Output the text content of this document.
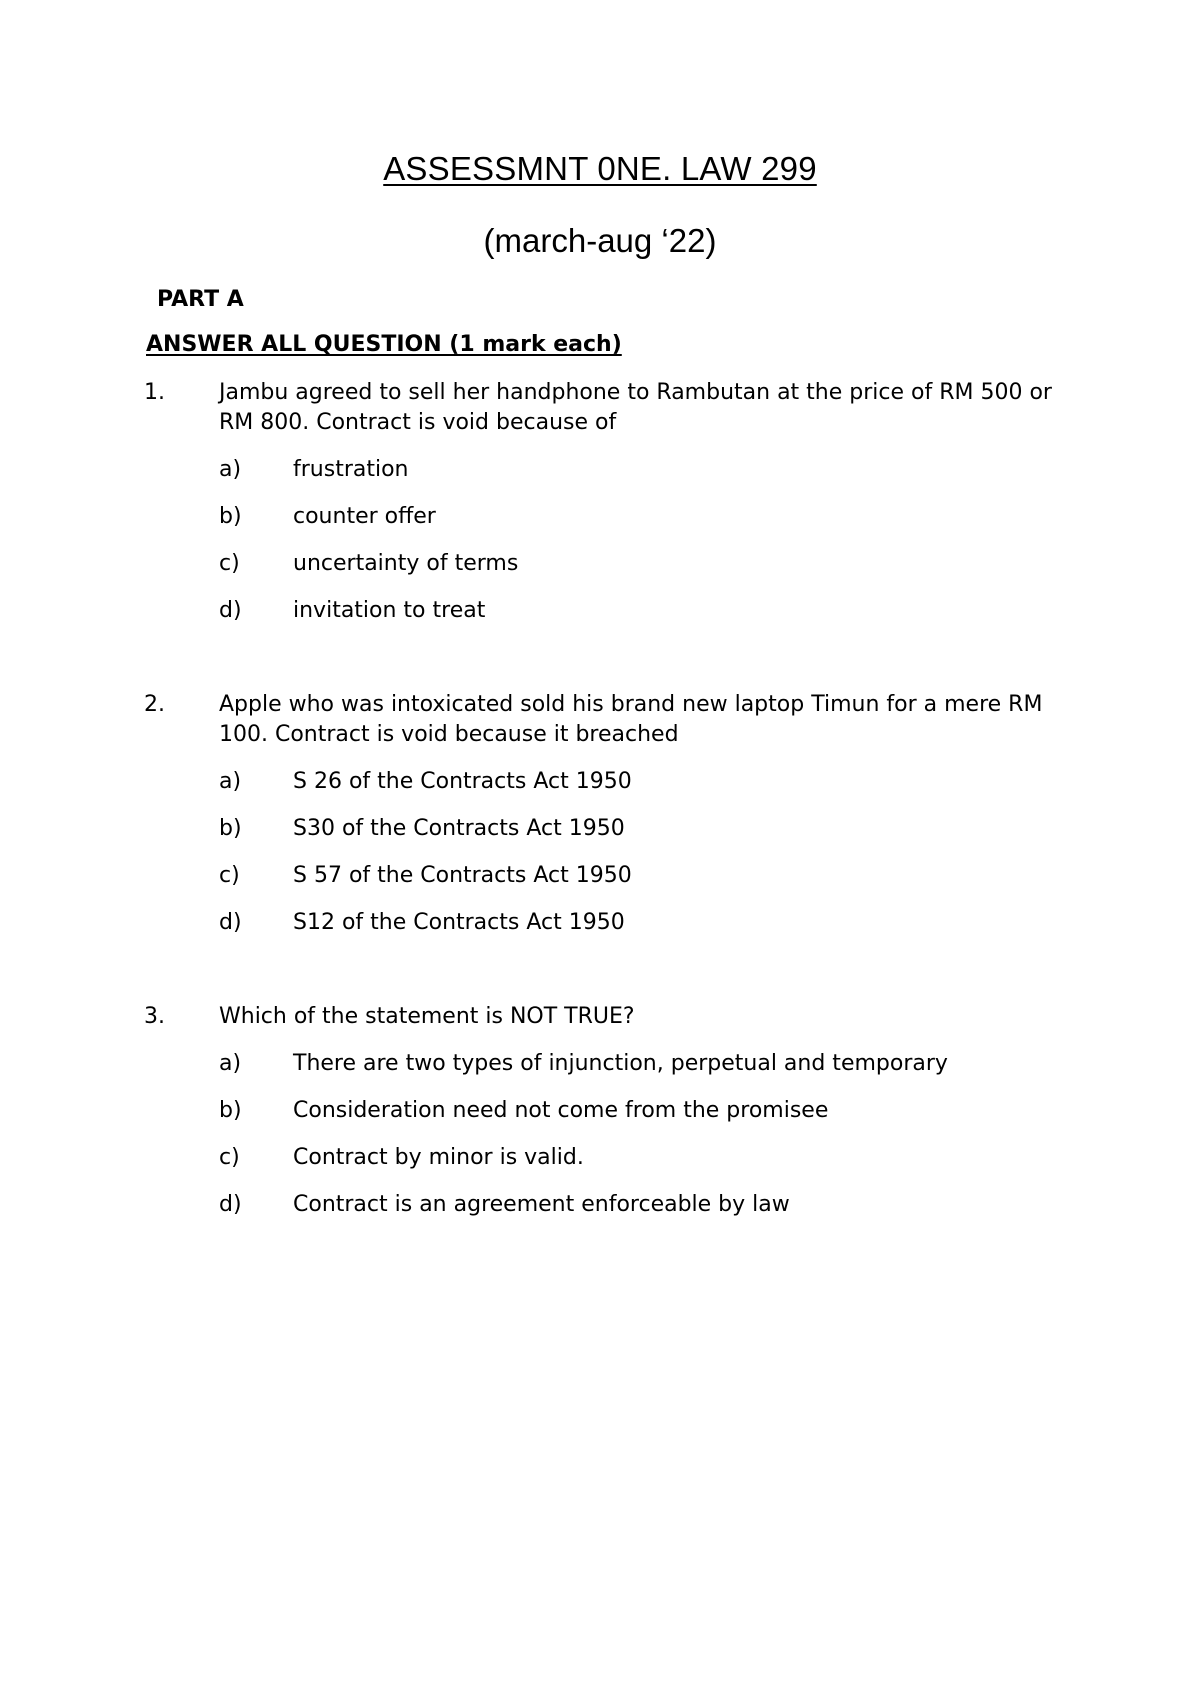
ASSESSMNT 0NE. LAW 299
(march-aug ‘22)
PART A
ANSWER ALL QUESTION (1 mark each)
1. Jambu agreed to sell her handphone to Rambutan at the price of RM 500 or RM 800. Contract is void because of
a) frustration
b) counter offer
c) uncertainty of terms
d) invitation to treat
2. Apple who was intoxicated sold his brand new laptop Timun for a mere RM 100. Contract is void because it breached
a) S 26 of the Contracts Act 1950
b) S30 of the Contracts Act 1950
c) S 57 of the Contracts Act 1950
d) S12 of the Contracts Act 1950
3. Which of the statement is NOT TRUE?
a) There are two types of injunction, perpetual and temporary
b) Consideration need not come from the promisee
c) Contract by minor is valid.
d) Contract is an agreement enforceable by law
